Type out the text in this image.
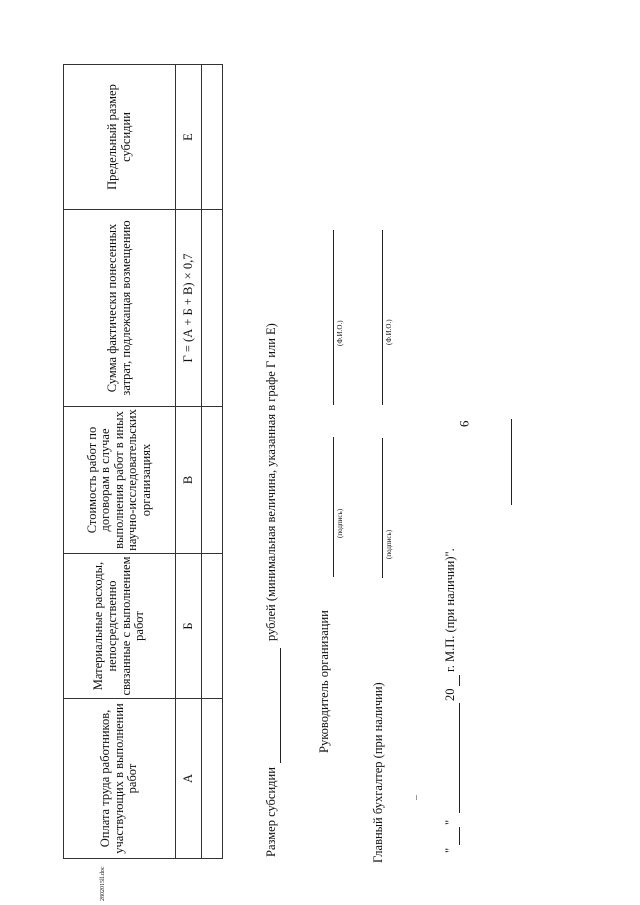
9
Оплата труда работников, участвующих в выполнении работ	Материальные расходы, непосредственно связанные с выполнением работ	Стоимость работ по договорам в случае выполнения работ в иных научно-исследовательских организациях	Сумма фактически понесенных затрат, подлежащая возмещению	Предельный размер субсидии
А	Б	В	Г = (А + Б + В) × 0,7	Е

Размер субсидии
рублей (минимальная величина, указанная в графе Г или Е)
Руководитель организации
(подпись)
(Ф.И.О.)
Главный бухгалтер (при наличии)
(подпись)
(Ф.И.О.)
"
"
20
г. М.П. (при наличии)".
2802015ll.doc
